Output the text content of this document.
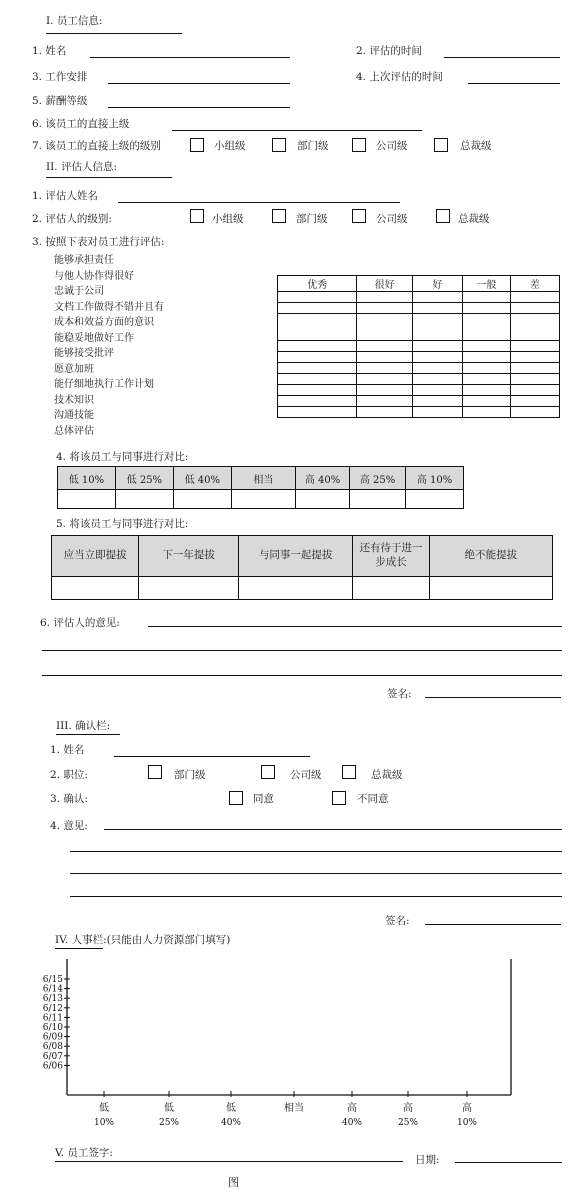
I. 员工信息:
1. 姓名	2. 评估的时间
3. 工作安排	4. 上次评估的时间
5. 薪酬等级
6. 该员工的直接上级
7. 该员工的直接上级的级别	小组级	部门级	公司级	总裁级
II. 评估人信息:
1. 评估人姓名
2. 评估人的级别:	小组级	部门级	公司级	总裁级
3. 按照下表对员工进行评估:
能够承担责任
与他人协作得很好
忠诚于公司
文档工作做得不错并且有
成本和效益方面的意识
能稳妥地做好工作
能够接受批评
愿意加班
能仔细地执行工作计划
技术知识
沟通技能
总体评估
优秀	很好	好	一般	差

4. 将该员工与同事进行对比:
低 10%	低 25%	低 40%	相当	高 40%	高 25%	高 10%

5. 将该员工与同事进行对比:
应当立即提拔	下一年提拔	与同事一起提拔	还有待于进一步成长	绝不能提拔

6. 评估人的意见:
签名:
III. 确认栏:
1. 姓名
2. 职位:	部门级	公司级	总裁级
3. 确认:	同意	不同意
4. 意见:
签名:
IV. 人事栏:(只能由人力资源部门填写)
6/15
6/14
6/13
6/12
6/11
6/10
6/09
6/08
6/07
6/06
低
10%
低
25%
低
40%
相当	高
40%
高
25%
高
10%
V. 员工签字:
日期:
图
